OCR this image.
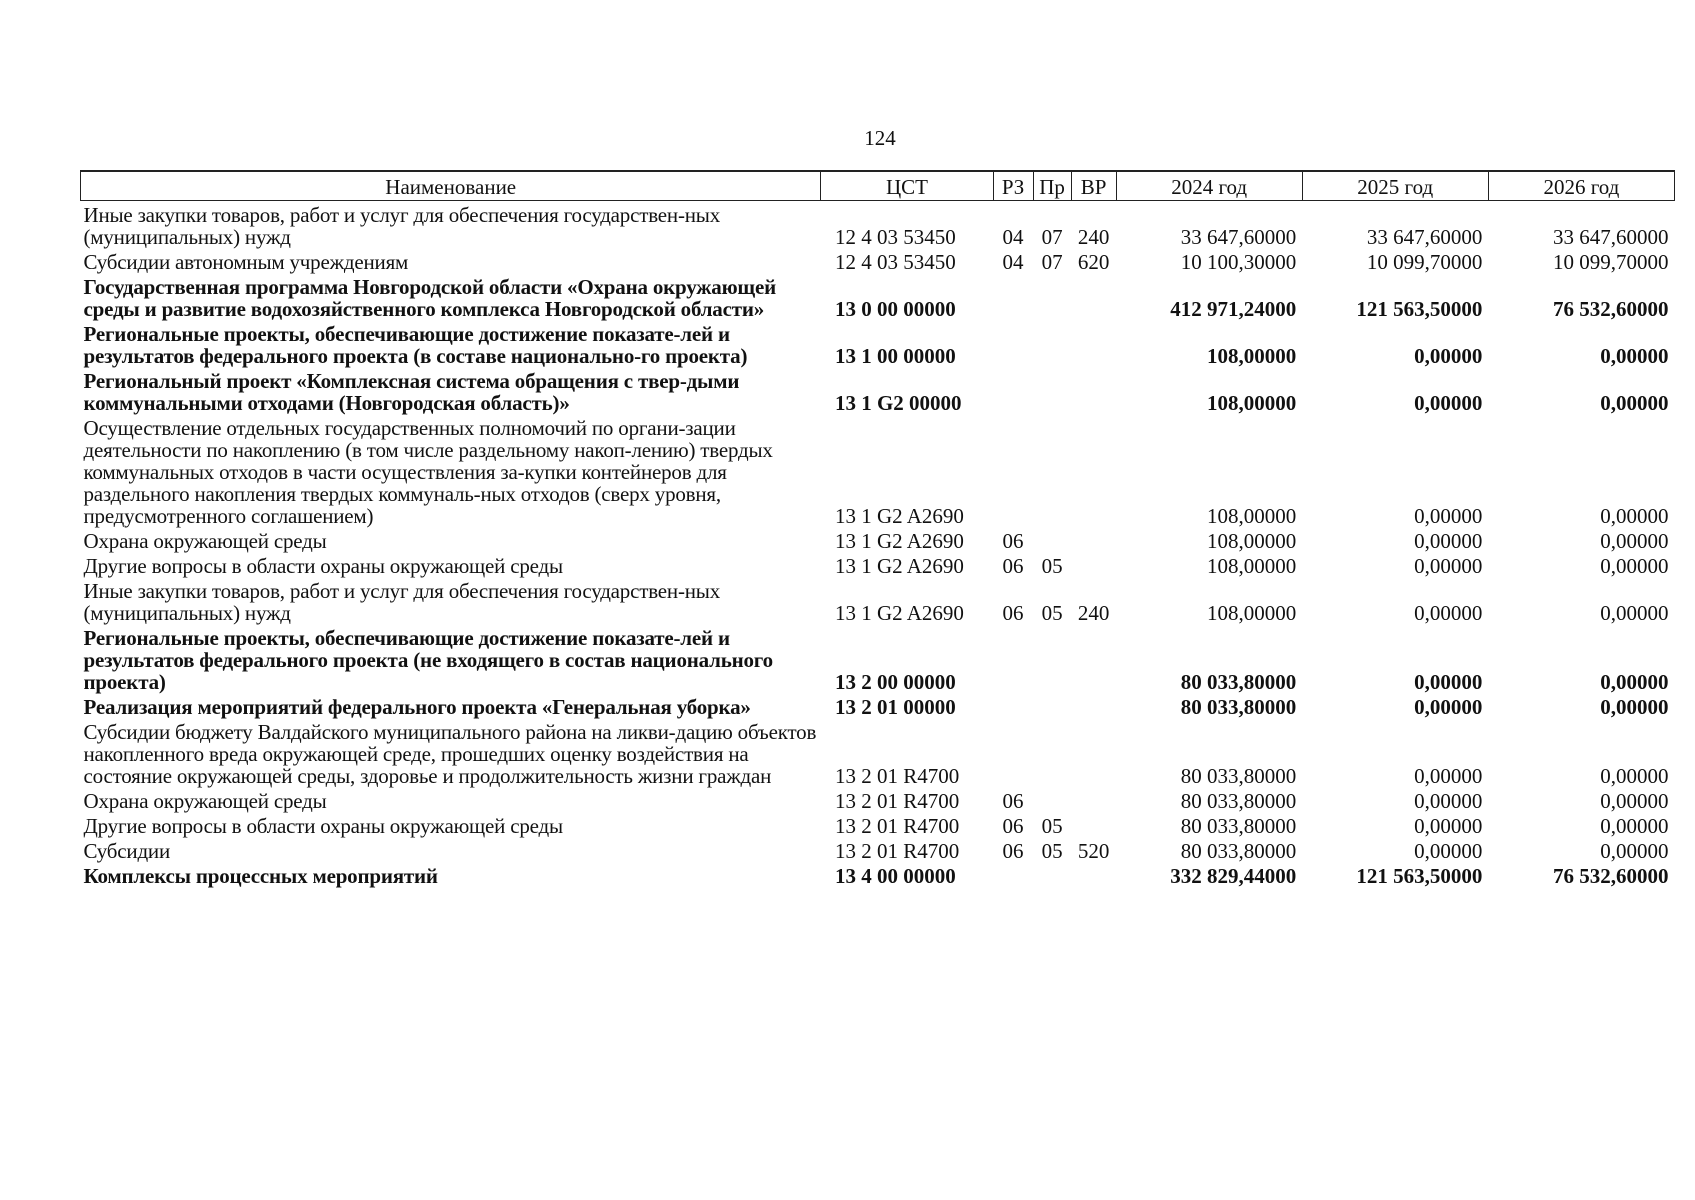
124
Наименование	ЦСТ	РЗ	Пр	ВР	2024 год	2025 год	2026 год
Иные закупки товаров, работ и услуг для обеспечения государствен-ных (муниципальных) нужд	12 4 03 53450	04	07	240	33 647,60000	33 647,60000	33 647,60000
Субсидии автономным учреждениям	12 4 03 53450	04	07	620	10 100,30000	10 099,70000	10 099,70000
Государственная программа Новгородской области «Охрана окружающей среды и развитие водохозяйственного комплекса Новгородской области»	13 0 00 00000				412 971,24000	121 563,50000	76 532,60000
Региональные проекты, обеспечивающие достижение показате-лей и результатов федерального проекта (в составе национально-го проекта)	13 1 00 00000				108,00000	0,00000	0,00000
Региональный проект «Комплексная система обращения с твер-дыми коммунальными отходами (Новгородская область)»	13 1 G2 00000				108,00000	0,00000	0,00000
Осуществление отдельных государственных полномочий по органи-зации деятельности по накоплению (в том числе раздельному накоп-лению) твердых коммунальных отходов в части осуществления за-купки контейнеров для раздельного накопления твердых коммуналь-ных отходов (сверх уровня, предусмотренного соглашением)	13 1 G2 A2690				108,00000	0,00000	0,00000
Охрана окружающей среды	13 1 G2 A2690	06			108,00000	0,00000	0,00000
Другие вопросы в области охраны окружающей среды	13 1 G2 A2690	06	05		108,00000	0,00000	0,00000
Иные закупки товаров, работ и услуг для обеспечения государствен-ных (муниципальных) нужд	13 1 G2 A2690	06	05	240	108,00000	0,00000	0,00000
Региональные проекты, обеспечивающие достижение показате-лей и результатов федерального проекта (не входящего в состав национального проекта)	13 2 00 00000				80 033,80000	0,00000	0,00000
Реализация мероприятий федерального проекта «Генеральная уборка»	13 2 01 00000				80 033,80000	0,00000	0,00000
Субсидии бюджету Валдайского муниципального района на ликви-дацию объектов накопленного вреда окружающей среде, прошедших оценку воздействия на состояние окружающей среды, здоровье и продолжительность жизни граждан	13 2 01 R4700				80 033,80000	0,00000	0,00000
Охрана окружающей среды	13 2 01 R4700	06			80 033,80000	0,00000	0,00000
Другие вопросы в области охраны окружающей среды	13 2 01 R4700	06	05		80 033,80000	0,00000	0,00000
Субсидии	13 2 01 R4700	06	05	520	80 033,80000	0,00000	0,00000
Комплексы процессных мероприятий	13 4 00 00000				332 829,44000	121 563,50000	76 532,60000
